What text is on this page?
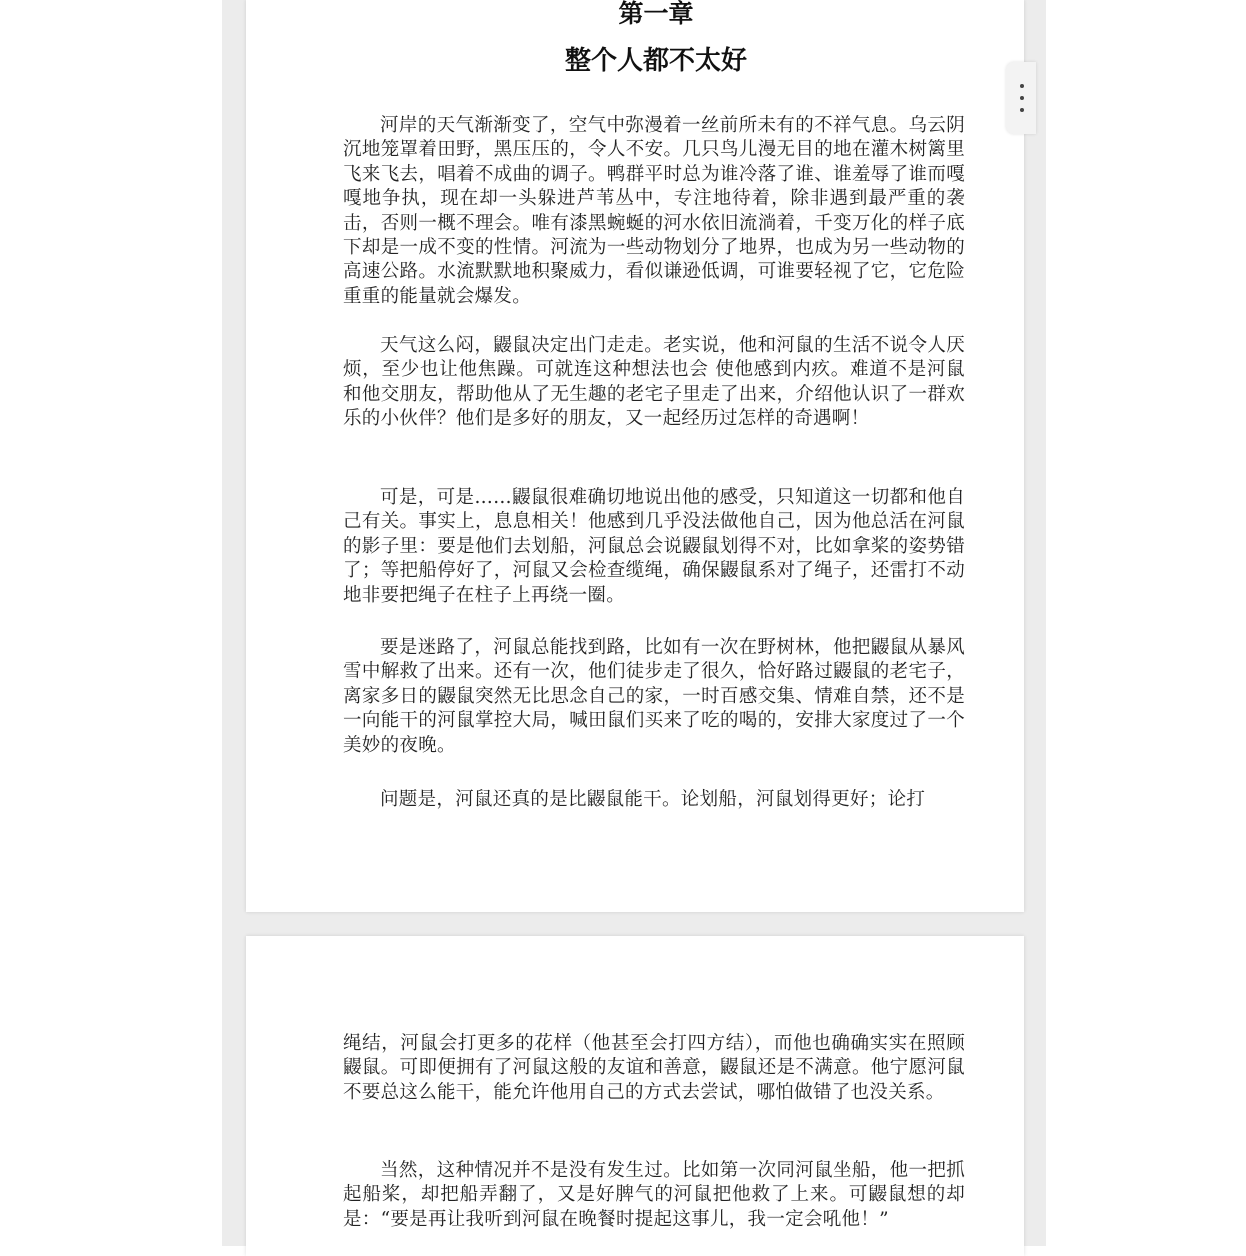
第一章
整个人都不太好

河岸的天气渐渐变了，空气中弥漫着一丝前所未有的不祥气息。乌云阴沉地笼罩着田野，黑压压的，令人不安。几只鸟儿漫无目的地在灌木树篱里飞来飞去，唱着不成曲的调子。鸭群平时总为谁冷落了谁、谁羞辱了谁而嘎嘎地争执，现在却一头躲进芦苇丛中，专注地待着，除非遇到最严重的袭击，否则一概不理会。唯有漆黑蜿蜒的河水依旧流淌着，千变万化的样子底下却是一成不变的性情。河流为一些动物划分了地界，也成为另一些动物的高速公路。水流默默地积聚威力，看似谦逊低调，可谁要轻视了它，它危险重重的能量就会爆发。

天气这么闷，鼹鼠决定出门走走。老实说，他和河鼠的生活不说令人厌烦，至少也让他焦躁。可就连这种想法也会 使他感到内疚。难道不是河鼠和他交朋友，帮助他从了无生趣的老宅子里走了出来，介绍他认识了一群欢乐的小伙伴？他们是多好的朋友，又一起经历过怎样的奇遇啊！

可是，可是……鼹鼠很难确切地说出他的感受，只知道这一切都和他自己有关。事实上，息息相关！他感到几乎没法做他自己，因为他总活在河鼠的影子里：要是他们去划船，河鼠总会说鼹鼠划得不对，比如拿桨的姿势错了；等把船停好了，河鼠又会检查缆绳，确保鼹鼠系对了绳子，还雷打不动地非要把绳子在柱子上再绕一圈。

要是迷路了，河鼠总能找到路，比如有一次在野树林，他把鼹鼠从暴风雪中解救了出来。还有一次，他们徒步走了很久，恰好路过鼹鼠的老宅子，离家多日的鼹鼠突然无比思念自己的家，一时百感交集、情难自禁，还不是一向能干的河鼠掌控大局，喊田鼠们买来了吃的喝的，安排大家度过了一个美妙的夜晚。

问题是，河鼠还真的是比鼹鼠能干。论划船，河鼠划得更好；论打

绳结，河鼠会打更多的花样（他甚至会打四方结），而他也确确实实在照顾鼹鼠。可即便拥有了河鼠这般的友谊和善意，鼹鼠还是不满意。他宁愿河鼠不要总这么能干，能允许他用自己的方式去尝试，哪怕做错了也没关系。

当然，这种情况并不是没有发生过。比如第一次同河鼠坐船，他一把抓起船桨，却把船弄翻了，又是好脾气的河鼠把他救了上来。可鼹鼠想的却是：“要是再让我听到河鼠在晚餐时提起这事儿，我一定会吼他！”
